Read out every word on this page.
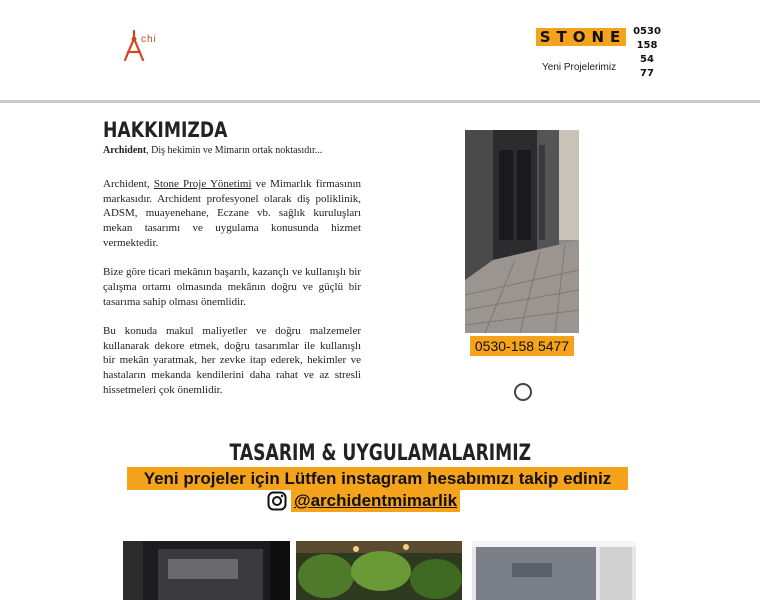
chi	STONE 0530
158
54
77
Yeni Projelerimiz
HAKKIMIZDA
Archident, Diş hekimin ve Mimarın ortak noktasıdır...

Archident, Stone Proje Yönetimi ve Mimarlık firmasının markasıdır. Archident profesyonel olarak diş poliklinik, ADSM, muayenehane, Eczane vb. sağlık kuruluşları mekan tasarımı ve uygulama konusunda hizmet vermektedir.

Bize göre ticari mekânın başarılı, kazançlı ve kullanışlı bir çalışma ortamı olmasında mekânın doğru ve güçlü bir tasarıma sahip olması önemlidir.

Bu konuda makul maliyetler ve doğru malzemeler kullanarak dekore etmek, doğru tasarımlar ile kullanışlı bir mekân yaratmak, her zevke itap ederek, hekimler ve hastaların mekanda kendilerini daha rahat ve az stresli hissetmeleri çok önemlidir.

0530-158 5477
TASARIM & UYGULAMALARIMIZ
Yeni projeler için Lütfen instagram hesabımızı takip ediniz
@archidentmimarlik
